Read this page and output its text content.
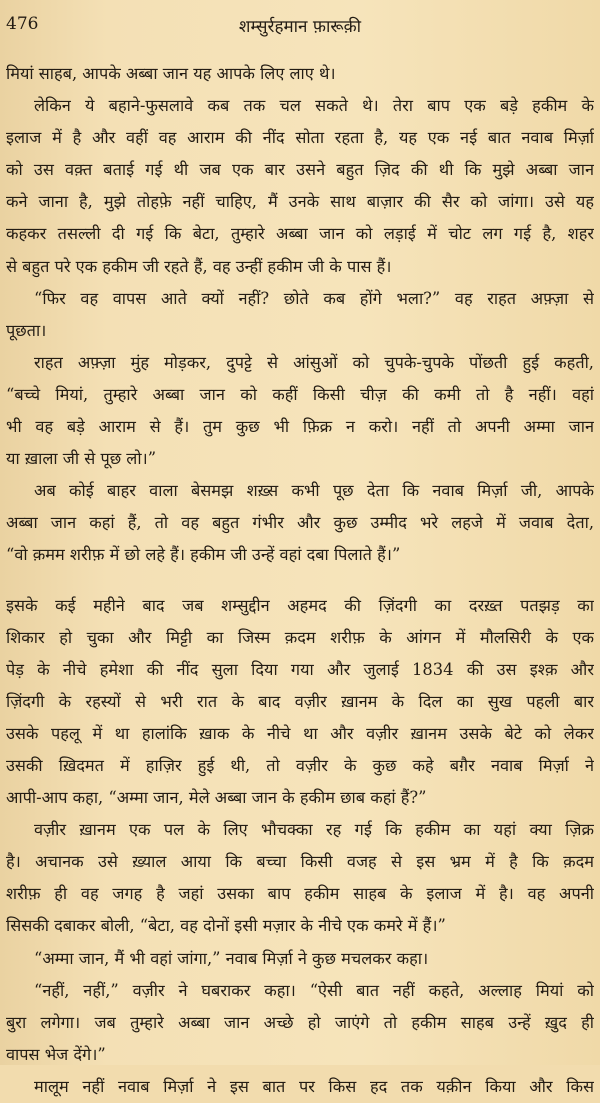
476	शम्सुर्रहमान फ़ारूक़ी
मियां साहब, आपके अब्बा जान यह आपके लिए लाए थे।
लेकिन ये बहाने-फुसलावे कब तक चल सकते थे। तेरा बाप एक बड़े हकीम के
इलाज में है और वहीं वह आराम की नींद सोता रहता है, यह एक नई बात नवाब मिर्ज़ा
को उस वक़्त बताई गई थी जब एक बार उसने बहुत ज़िद की थी कि मुझे अब्बा जान
कने जाना है, मुझे तोहफ़े नहीं चाहिए, मैं उनके साथ बाज़ार की सैर को जांगा। उसे यह
कहकर तसल्ली दी गई कि बेटा, तुम्हारे अब्बा जान को लड़ाई में चोट लग गई है, शहर
से बहुत परे एक हकीम जी रहते हैं, वह उन्हीं हकीम जी के पास हैं।
“फिर वह वापस आते क्यों नहीं? छोते कब होंगे भला?” वह राहत अफ़्ज़ा से
पूछता।
राहत अफ़्ज़ा मुंह मोड़कर, दुपट्टे से आंसुओं को चुपके-चुपके पोंछती हुई कहती,
“बच्चे मियां, तुम्हारे अब्बा जान को कहीं किसी चीज़ की कमी तो है नहीं। वहां
भी वह बड़े आराम से हैं। तुम कुछ भी फ़िक्र न करो। नहीं तो अपनी अम्मा जान
या ख़ाला जी से पूछ लो।”
अब कोई बाहर वाला बेसमझ शख़्स कभी पूछ देता कि नवाब मिर्ज़ा जी, आपके
अब्बा जान कहां हैं, तो वह बहुत गंभीर और कुछ उम्मीद भरे लहजे में जवाब देता,
“वो क़मम शरीफ़ में छो लहे हैं। हकीम जी उन्हें वहां दबा पिलाते हैं।”
इसके कई महीने बाद जब शम्सुद्दीन अहमद की ज़िंदगी का दरख़्त पतझड़ का
शिकार हो चुका और मिट्टी का जिस्म क़दम शरीफ़ के आंगन में मौलसिरी के एक
पेड़ के नीचे हमेशा की नींद सुला दिया गया और जुलाई 1834 की उस इश्क़ और
ज़िंदगी के रहस्यों से भरी रात के बाद वज़ीर ख़ानम के दिल का सुख पहली बार
उसके पहलू में था हालांकि ख़ाक के नीचे था और वज़ीर ख़ानम उसके बेटे को लेकर
उसकी ख़िदमत में हाज़िर हुई थी, तो वज़ीर के कुछ कहे बग़ैर नवाब मिर्ज़ा ने
आपी-आप कहा, “अम्मा जान, मेले अब्बा जान के हकीम छाब कहां हैं?”
वज़ीर ख़ानम एक पल के लिए भौचक्का रह गई कि हकीम का यहां क्या ज़िक्र
है। अचानक उसे ख़्याल आया कि बच्चा किसी वजह से इस भ्रम में है कि क़दम
शरीफ़ ही वह जगह है जहां उसका बाप हकीम साहब के इलाज में है। वह अपनी
सिसकी दबाकर बोली, “बेटा, वह दोनों इसी मज़ार के नीचे एक कमरे में हैं।”
“अम्मा जान, मैं भी वहां जांगा,” नवाब मिर्ज़ा ने कुछ मचलकर कहा।
“नहीं, नहीं,” वज़ीर ने घबराकर कहा। “ऐसी बात नहीं कहते, अल्लाह मियां को
बुरा लगेगा। जब तुम्हारे अब्बा जान अच्छे हो जाएंगे तो हकीम साहब उन्हें ख़ुद ही
वापस भेज देंगे।”
मालूम नहीं नवाब मिर्ज़ा ने इस बात पर किस हद तक यक़ीन किया और किस
